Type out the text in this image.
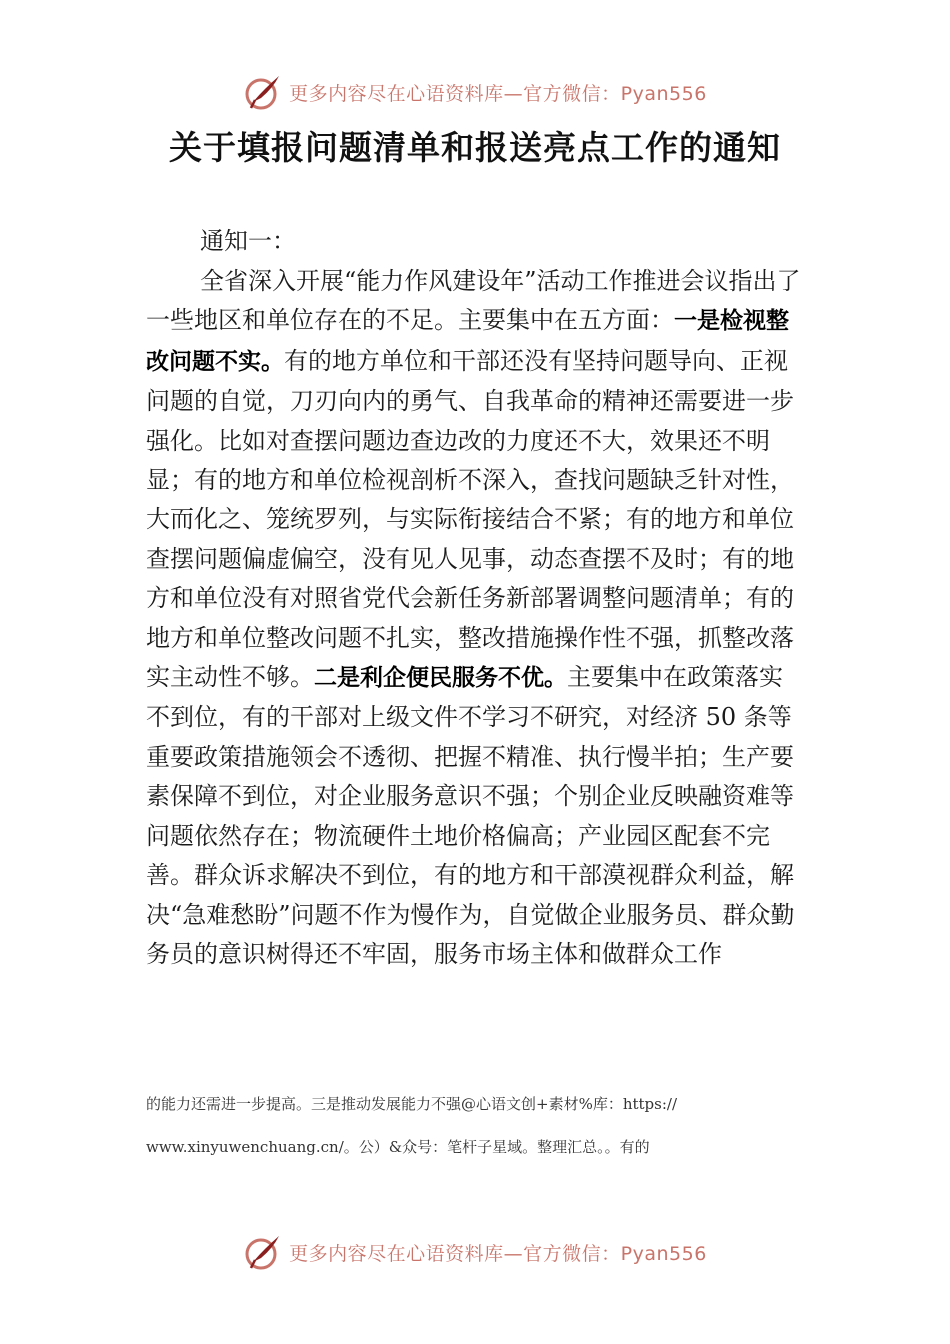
更多内容尽在心语资料库—官方微信：Pyan556
关于填报问题清单和报送亮点工作的通知
通知一：
全省深入开展“能力作风建设年”活动工作推进会议指出了一些地区和单位存在的不足。主要集中在五方面：一是检视整改问题不实。有的地方单位和干部还没有坚持问题导向、正视问题的自觉，刀刃向内的勇气、自我革命的精神还需要进一步强化。比如对查摆问题边查边改的力度还不大，效果还不明显；有的地方和单位检视剖析不深入，查找问题缺乏针对性，大而化之、笼统罗列，与实际衔接结合不紧；有的地方和单位查摆问题偏虚偏空，没有见人见事，动态查摆不及时；有的地方和单位没有对照省党代会新任务新部署调整问题清单；有的地方和单位整改问题不扎实，整改措施操作性不强，抓整改落实主动性不够。二是利企便民服务不优。主要集中在政策落实不到位，有的干部对上级文件不学习不研究，对经济 50 条等重要政策措施领会不透彻、把握不精准、执行慢半拍；生产要素保障不到位，对企业服务意识不强；个别企业反映融资难等问题依然存在；物流硬件土地价格偏高；产业园区配套不完善。群众诉求解决不到位，有的地方和干部漠视群众利益，解决“急难愁盼”问题不作为慢作为，自觉做企业服务员、群众勤务员的意识树得还不牢固，服务市场主体和做群众工作
的能力还需进一步提高。三是推动发展能力不强@心语文创+素材%库：https://
www.xinyuwenchuang.cn/。公）&众号：笔杆子星域。整理汇总。。有的
更多内容尽在心语资料库—官方微信：Pyan556
